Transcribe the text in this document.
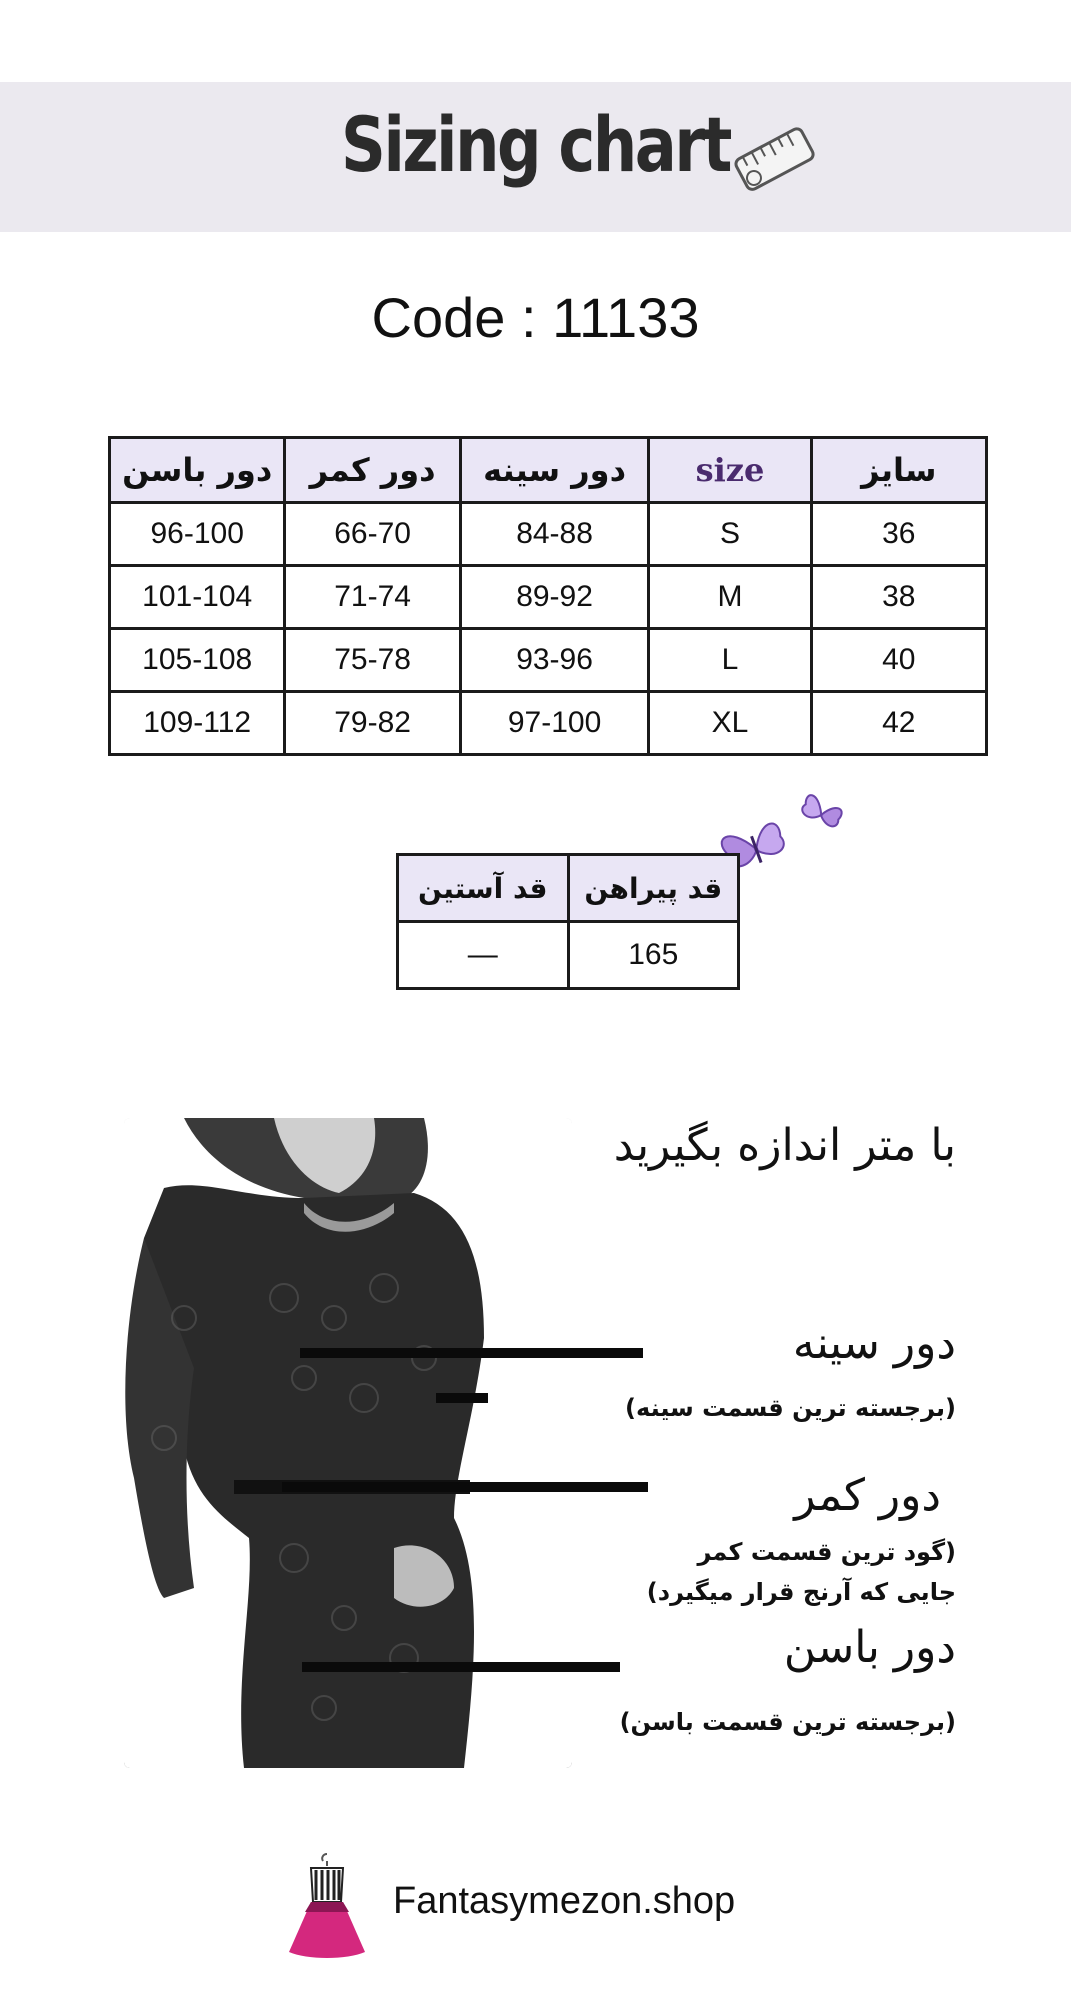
Sizing chart
Code : 11133
دور باسن	دور کمر	دور سینه	size	سایز
96-100	66-70	84-88	S	36
101-104	71-74	89-92	M	38
105-108	75-78	93-96	L	40
109-112	79-82	97-100	XL	42
قد آستین	قد پیراهن
—	165
با متر اندازه بگیرید
دور سینه
(برجسته ترین قسمت سینه)
دور کمر
(گود ترین قسمت کمر
جایی که آرنج قرار میگیرد)
دور باسن
(برجسته ترین قسمت باسن)
Fantasymezon.shop
